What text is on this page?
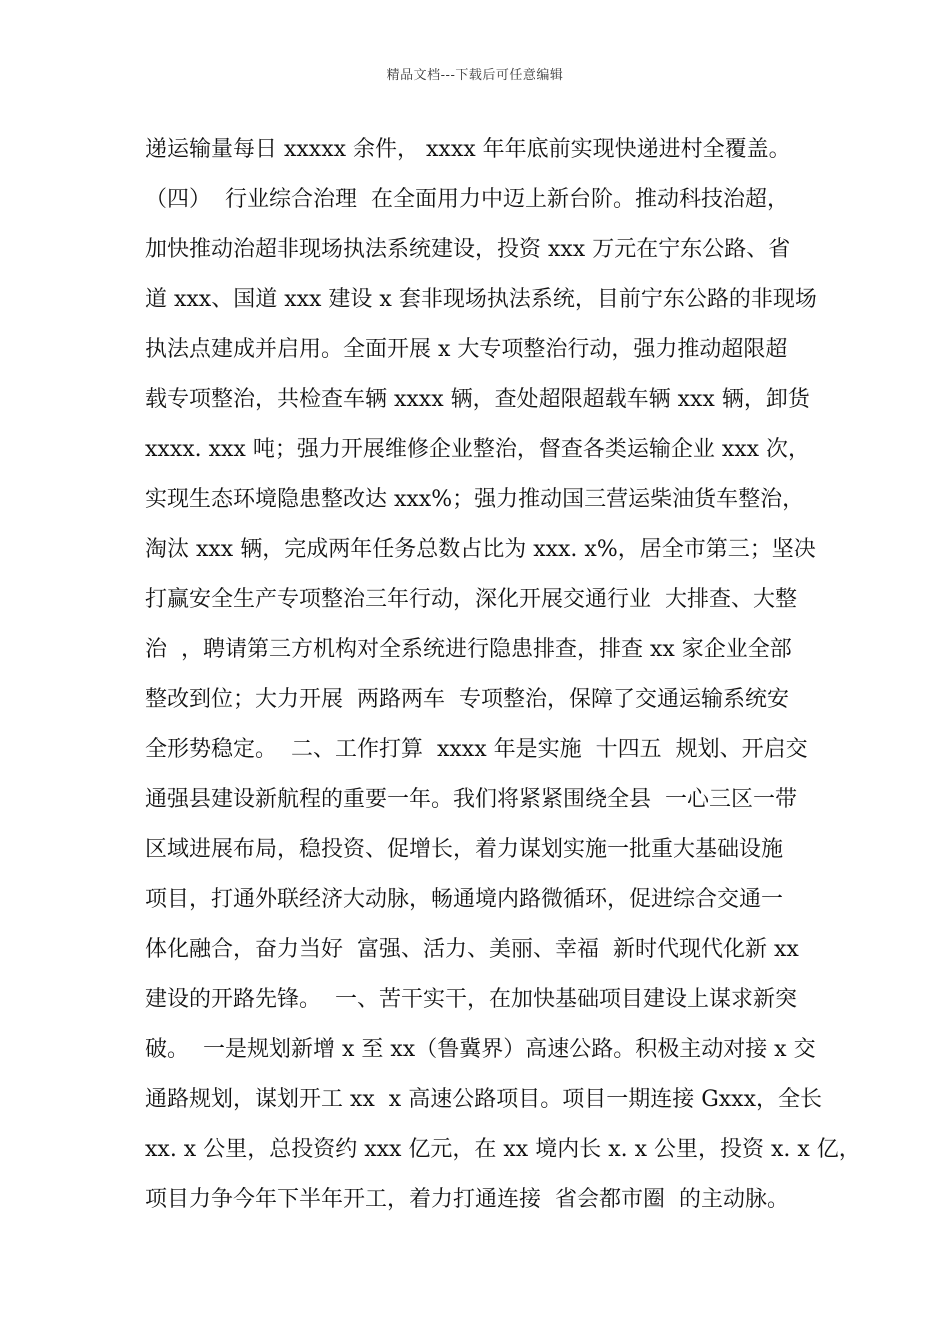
精品文档---下载后可任意编辑
递运输量每日 xxxxx 余件， xxxx 年年底前实现快递进村全覆盖。
（四）  行业综合治理  在全面用力中迈上新台阶。推动科技治超，
加快推动治超非现场执法系统建设，投资 xxx 万元在宁东公路、省
道 xxx、国道 xxx 建设 x 套非现场执法系统，目前宁东公路的非现场
执法点建成并启用。全面开展 x 大专项整治行动，强力推动超限超
载专项整治，共检查车辆 xxxx 辆，查处超限超载车辆 xxx 辆，卸货
xxxx. xxx 吨；强力开展维修企业整治，督查各类运输企业 xxx 次，
实现生态环境隐患整改达 xxx%；强力推动国三营运柴油货车整治，
淘汰 xxx 辆，完成两年任务总数占比为 xxx. x%，居全市第三；坚决
打赢安全生产专项整治三年行动，深化开展交通行业  大排查、大整
治  ，聘请第三方机构对全系统进行隐患排查，排查 xx 家企业全部
整改到位；大力开展  两路两车  专项整治，保障了交通运输系统安
全形势稳定。  二、工作打算  xxxx 年是实施  十四五  规划、开启交
通强县建设新航程的重要一年。我们将紧紧围绕全县  一心三区一带
区域进展布局，稳投资、促增长，着力谋划实施一批重大基础设施
项目，打通外联经济大动脉，畅通境内路微循环，促进综合交通一
体化融合，奋力当好  富强、活力、美丽、幸福  新时代现代化新 xx
建设的开路先锋。  一、苦干实干，在加快基础项目建设上谋求新突
破。  一是规划新增 x 至 xx（鲁冀界）高速公路。积极主动对接 x 交
通路规划，谋划开工 xx  x 高速公路项目。项目一期连接 Gxxx，全长
xx. x 公里，总投资约 xxx 亿元，在 xx 境内长 x. x 公里，投资 x. x 亿，
项目力争今年下半年开工，着力打通连接  省会都市圈  的主动脉。
